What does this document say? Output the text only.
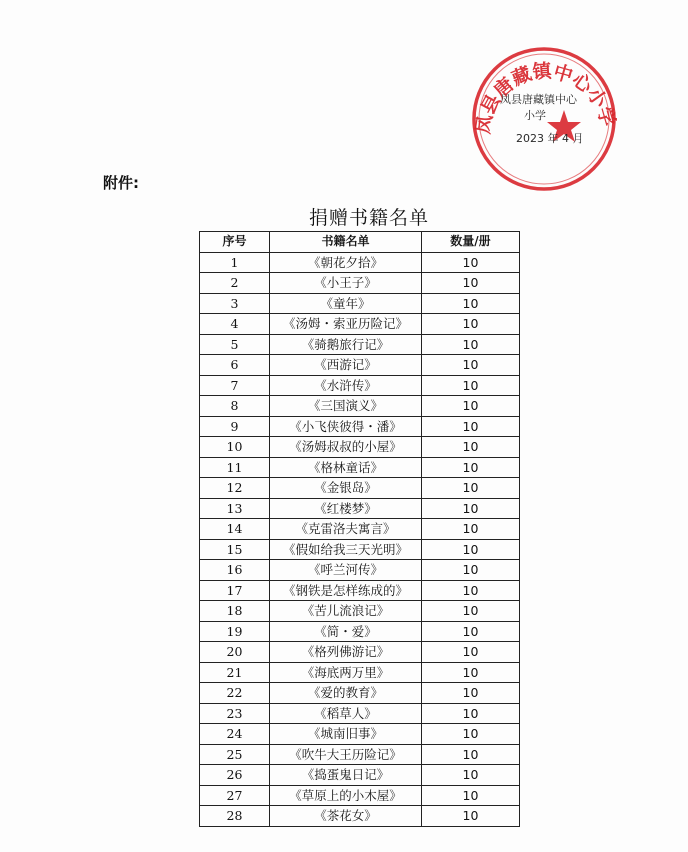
凤县唐藏镇中心小学
凤县唐藏镇中心
小学
2023 年 4 月
附件:
捐赠书籍名单
序号	书籍名单	数量/册
1	《朝花夕拾》	10
2	《小王子》	10
3	《童年》	10
4	《汤姆・索亚历险记》	10
5	《骑鹅旅行记》	10
6	《西游记》	10
7	《水浒传》	10
8	《三国演义》	10
9	《小飞侠彼得・潘》	10
10	《汤姆叔叔的小屋》	10
11	《格林童话》	10
12	《金银岛》	10
13	《红楼梦》	10
14	《克雷洛夫寓言》	10
15	《假如给我三天光明》	10
16	《呼兰河传》	10
17	《钢铁是怎样练成的》	10
18	《苦儿流浪记》	10
19	《简・爱》	10
20	《格列佛游记》	10
21	《海底两万里》	10
22	《爱的教育》	10
23	《稻草人》	10
24	《城南旧事》	10
25	《吹牛大王历险记》	10
26	《捣蛋鬼日记》	10
27	《草原上的小木屋》	10
28	《茶花女》	10
